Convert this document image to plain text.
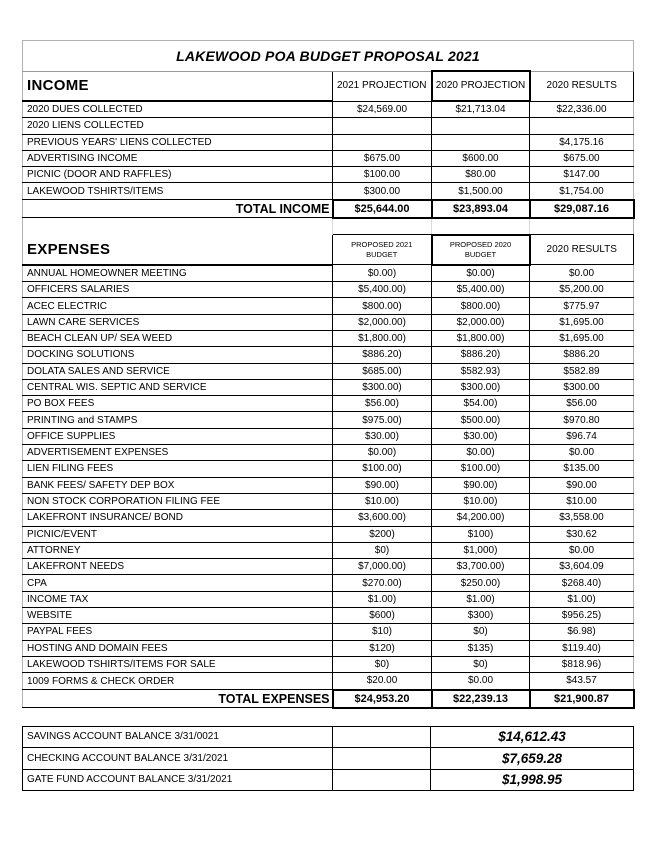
LAKEWOOD POA BUDGET PROPOSAL 2021			
INCOME	2021 PROJECTION	2020 PROJECTION	2020 RESULTS
2020 DUES COLLECTED	$24,569.00	$21,713.04	$22,336.00
2020 LIENS COLLECTED			
PREVIOUS YEARS' LIENS COLLECTED			$4,175.16
ADVERTISING INCOME	$675.00	$600.00	$675.00
PICNIC (DOOR AND RAFFLES)	$100.00	$80.00	$147.00
LAKEWOOD TSHIRTS/ITEMS	$300.00	$1,500.00	$1,754.00
TOTAL INCOME	$25,644.00	$23,893.04	$29,087.16

EXPENSES	PROPOSED 2021 BUDGET	PROPOSED 2020 BUDGET	2020 RESULTS
ANNUAL HOMEOWNER MEETING	$0.00)	$0.00)	$0.00
OFFICERS SALARIES	$5,400.00)	$5,400.00)	$5,200.00
ACEC ELECTRIC	$800.00)	$800.00)	$775.97
LAWN CARE SERVICES	$2,000.00)	$2,000.00)	$1,695.00
BEACH CLEAN UP/ SEA WEED	$1,800.00)	$1,800.00)	$1,695.00
DOCKING SOLUTIONS	$886.20)	$886.20)	$886.20
DOLATA SALES AND SERVICE	$685.00)	$582.93)	$582.89
CENTRAL WIS. SEPTIC AND SERVICE	$300.00)	$300.00)	$300.00
PO BOX FEES	$56.00)	$54.00)	$56.00
PRINTING and STAMPS	$975.00)	$500.00)	$970.80
OFFICE SUPPLIES	$30.00)	$30.00)	$96.74
ADVERTISEMENT EXPENSES	$0.00)	$0.00)	$0.00
LIEN FILING FEES	$100.00)	$100.00)	$135.00
BANK FEES/ SAFETY DEP BOX	$90.00)	$90.00)	$90.00
NON STOCK CORPORATION FILING FEE	$10.00)	$10.00)	$10.00
LAKEFRONT INSURANCE/ BOND	$3,600.00)	$4,200.00)	$3,558.00
PICNIC/EVENT	$200)	$100)	$30.62
ATTORNEY	$0)	$1,000)	$0.00
LAKEFRONT NEEDS	$7,000.00)	$3,700.00)	$3,604.09
CPA	$270.00)	$250.00)	$268.40)
INCOME TAX	$1.00)	$1.00)	$1.00)
WEBSITE	$600)	$300)	$956.25)
PAYPAL FEES	$10)	$0)	$6.98)
HOSTING AND DOMAIN FEES	$120)	$135)	$119.40)
LAKEWOOD TSHIRTS/ITEMS FOR SALE	$0)	$0)	$818.96)
1009 FORMS & CHECK ORDER	$20.00	$0.00	$43.57
TOTAL EXPENSES	$24,953.20	$22,239.13	$21,900.87
SAVINGS ACCOUNT BALANCE 3/31/0021		$14,612.43
CHECKING ACCOUNT BALANCE 3/31/2021		$7,659.28
GATE FUND ACCOUNT BALANCE 3/31/2021		$1,998.95
